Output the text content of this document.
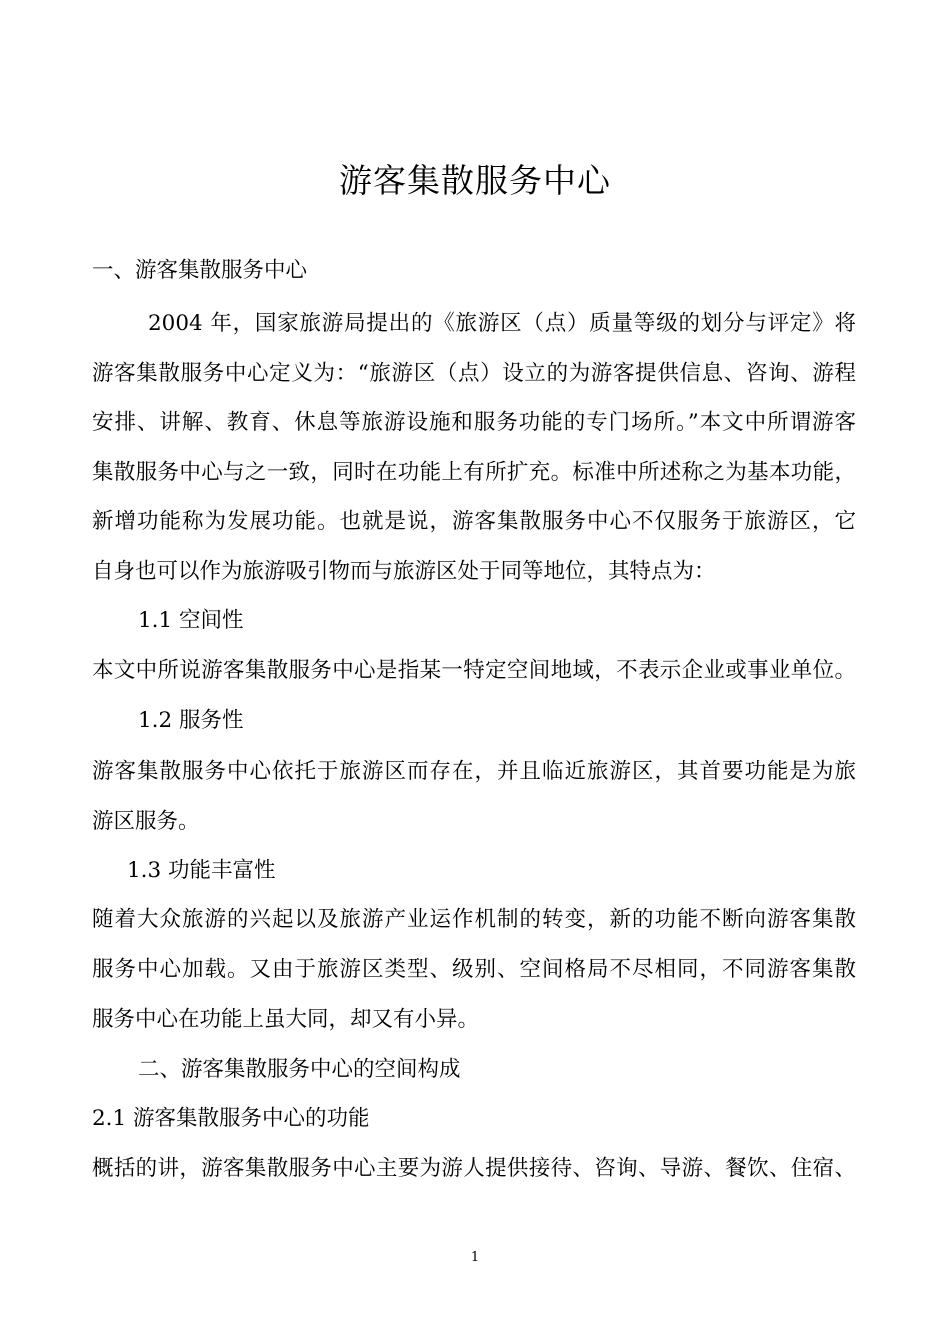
游客集散服务中心
一、游客集散服务中心
2004 年，国家旅游局提出的《旅游区（点）质量等级的划分与评定》将
游客集散服务中心定义为：“旅游区（点）设立的为游客提供信息、咨询、游程
安排、讲解、教育、休息等旅游设施和服务功能的专门场所。”本文中所谓游客
集散服务中心与之一致，同时在功能上有所扩充。标准中所述称之为基本功能，
新增功能称为发展功能。也就是说，游客集散服务中心不仅服务于旅游区，它
自身也可以作为旅游吸引物而与旅游区处于同等地位，其特点为：
1.1 空间性
本文中所说游客集散服务中心是指某一特定空间地域，不表示企业或事业单位。
1.2 服务性
游客集散服务中心依托于旅游区而存在，并且临近旅游区，其首要功能是为旅
游区服务。
1.3 功能丰富性
随着大众旅游的兴起以及旅游产业运作机制的转变，新的功能不断向游客集散
服务中心加载。又由于旅游区类型、级别、空间格局不尽相同，不同游客集散
服务中心在功能上虽大同，却又有小异。
二、游客集散服务中心的空间构成
2.1 游客集散服务中心的功能
概括的讲，游客集散服务中心主要为游人提供接待、咨询、导游、餐饮、住宿、
1
